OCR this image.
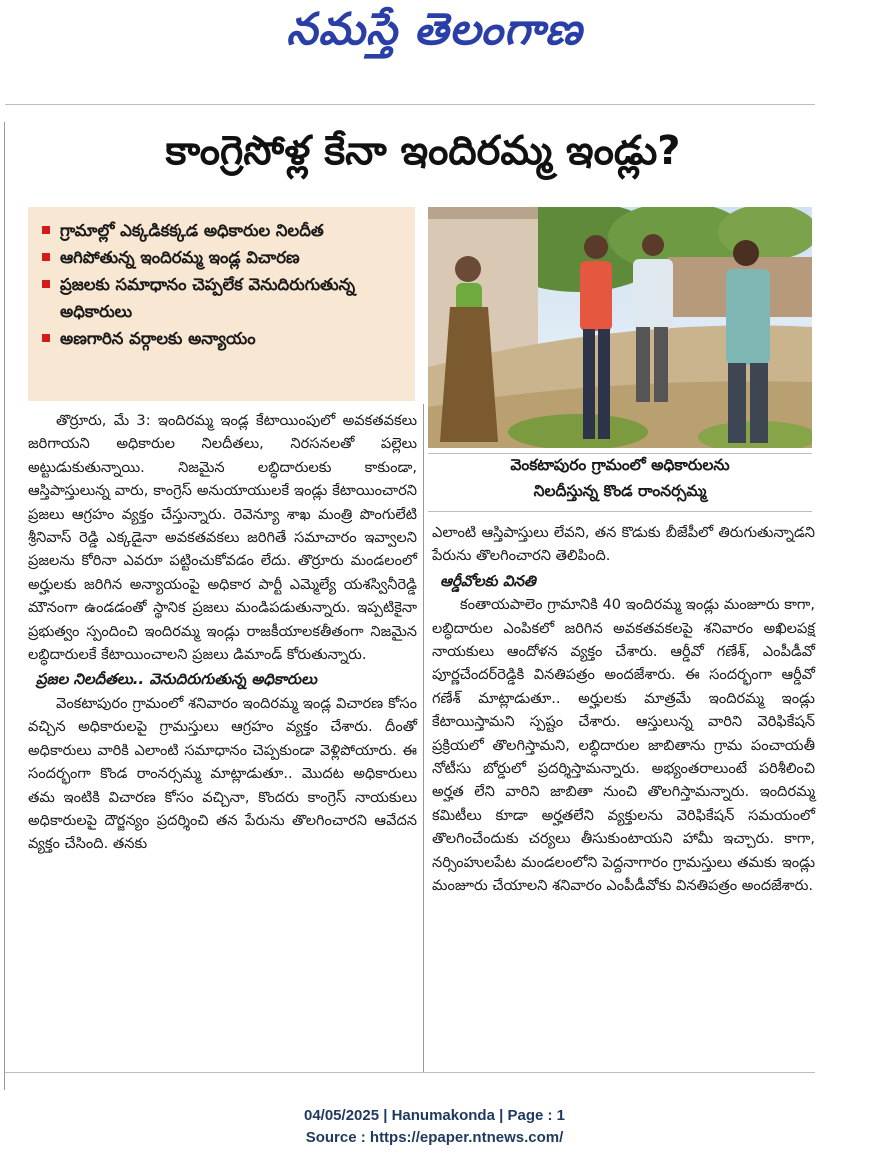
నమస్తే తెలంగాణ
కాంగ్రెసోళ్ల కేనా ఇందిరమ్మ ఇండ్లు?
గ్రామాల్లో ఎక్కడికక్కడ అధికారుల నిలదీత
ఆగిపోతున్న ఇందిరమ్మ ఇండ్ల విచారణ
ప్రజలకు సమాధానం చెప్పలేక వెనుదిరుగుతున్న అధికారులు
అణగారిన వర్గాలకు అన్యాయం
వెంకటాపురం గ్రామంలో అధికారులను
నిలదీస్తున్న కొండ రాంనర్సమ్మ

తొర్రూరు, మే 3: ఇందిరమ్మ ఇండ్ల కేటాయింపులో అవకతవకలు జరిగాయని అధికారుల నిలదీతలు, నిరసనలతో పల్లెలు అట్టుడుకుతున్నాయి. నిజమైన లబ్ధిదారులకు కాకుండా, ఆస్తిపాస్తులున్న వారు, కాంగ్రెస్ అనుయాయులకే ఇండ్లు కేటాయించారని ప్రజలు ఆగ్రహం వ్యక్తం చేస్తున్నారు. రెవెన్యూ శాఖ మంత్రి పొంగులేటి శ్రీనివాస్ రెడ్డి ఎక్కడైనా అవకతవకలు జరిగితే సమాచారం ఇవ్వాలని ప్రజలను కోరినా ఎవరూ పట్టించుకోవడం లేదు. తొర్రూరు మండలంలో అర్హులకు జరిగిన అన్యాయంపై అధికార పార్టీ ఎమ్మెల్యే యశస్వినీరెడ్డి మౌనంగా ఉండడంతో స్థానిక ప్రజలు మండిపడుతున్నారు. ఇప్పటికైనా ప్రభుత్వం స్పందించి ఇందిరమ్మ ఇండ్లు రాజకీయాలకతీతంగా నిజమైన లబ్ధిదారులకే కేటాయించాలని ప్రజలు డిమాండ్ కోరుతున్నారు.

ప్రజల నిలదీతలు.. వెనుదిరుగుతున్న అధికారులు

వెంకటాపురం గ్రామంలో శనివారం ఇందిరమ్మ ఇండ్ల విచారణ కోసం వచ్చిన అధికారులపై గ్రామస్తులు ఆగ్రహం వ్యక్తం చేశారు. దీంతో అధికారులు వారికి ఎలాంటి సమాధానం చెప్పకుండా వెళ్లిపోయారు. ఈ సందర్భంగా కొండ రాంనర్సమ్మ మాట్లాడుతూ.. మొదట అధికారులు తమ ఇంటికి విచారణ కోసం వచ్చినా, కొందరు కాంగ్రెస్ నాయకులు అధికారులపై దౌర్జన్యం ప్రదర్శించి తన పేరును తొలగించారని ఆవేదన వ్యక్తం చేసింది. తనకు

ఎలాంటి ఆస్తిపాస్తులు లేవని, తన కొడుకు బీజేపీలో తిరుగుతున్నాడని పేరును తొలగించారని తెలిపింది.

ఆర్డీవోలకు వినతి

కంతాయపాలెం గ్రామానికి 40 ఇందిరమ్మ ఇండ్లు మంజూరు కాగా, లబ్ధిదారుల ఎంపికలో జరిగిన అవకతవకలపై శనివారం అఖిలపక్ష నాయకులు ఆందోళన వ్యక్తం చేశారు. ఆర్డీవో గణేశ్, ఎంపీడీవో పూర్ణచేందర్‌రెడ్డికి వినతిపత్రం అందజేశారు. ఈ సందర్భంగా ఆర్డీవో గణేశ్ మాట్లాడుతూ.. అర్హులకు మాత్రమే ఇందిరమ్మ ఇండ్లు కేటాయిస్తామని స్పష్టం చేశారు. ఆస్తులున్న వారిని వెరిఫికేషన్ ప్రక్రియలో తొలగిస్తామని, లబ్ధిదారుల జాబితాను గ్రామ పంచాయతీ నోటీసు బోర్డులో ప్రదర్శిస్తామన్నారు. అభ్యంతరాలుంటే పరిశీలించి అర్హత లేని వారిని జాబితా నుంచి తొలగిస్తామన్నారు. ఇందిరమ్మ కమిటీలు కూడా అర్హతలేని వ్యక్తులను వెరిఫికేషన్ సమయంలో తొలగించేందుకు చర్యలు తీసుకుంటాయని హామీ ఇచ్చారు. కాగా, నర్సింహులపేట మండలంలోని పెద్దనాగారం గ్రామస్తులు తమకు ఇండ్లు మంజూరు చేయాలని శనివారం ఎంపీడీవోకు వినతిపత్రం అందజేశారు.

04/05/2025 | Hanumakonda | Page : 1
Source : https://epaper.ntnews.com/
